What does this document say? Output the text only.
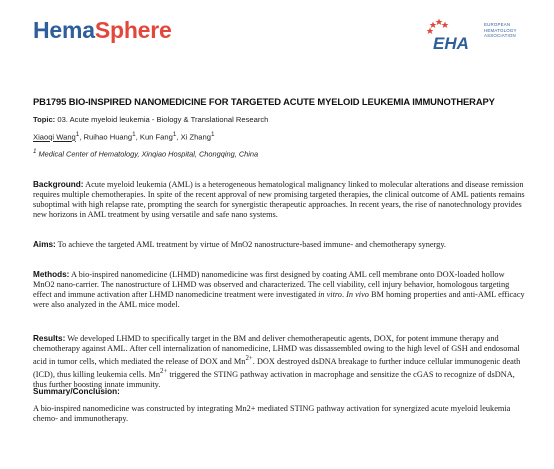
HemaSphere
EHA
EUROPEAN HEMATOLOGY ASSOCIATION
PB1795 BIO-INSPIRED NANOMEDICINE FOR TARGETED ACUTE MYELOID LEUKEMIA IMMUNOTHERAPY
Topic: 03. Acute myeloid leukemia - Biology & Translational Research
Xiaoqi Wang$^1$, Ruihao Huang$^1$, Kun Fang$^1$, Xi Zhang$^1$
$^1$ Medical Center of Hematology, Xinqiao Hospital, Chongqing, China
Background: Acute myeloid leukemia (AML) is a heterogeneous hematological malignancy linked to molecular alterations and disease remission requires multiple chemotherapies. In spite of the recent approval of new promising targeted therapies, the clinical outcome of AML patients remains suboptimal with high relapse rate, prompting the search for synergistic therapeutic approaches. In recent years, the rise of nanotechnology provides new horizons in AML treatment by using versatile and safe nano systems.
Aims: To achieve the targeted AML treatment by virtue of MnO2 nanostructure-based immune- and chemotherapy synergy.
Methods: A bio-inspired nanomedicine (LHMD) nanomedicine was first designed by coating AML cell membrane onto DOX-loaded hollow MnO2 nano-carrier. The nanostructure of LHMD was observed and characterized. The cell viability, cell injury behavior, homologous targeting effect and immune activation after LHMD nanomedicine treatment were investigated in vitro. In vivo BM homing properties and anti-AML efficacy were also analyzed in the AML mice model.
Results: We developed LHMD to specifically target in the BM and deliver chemotherapeutic agents, DOX, for potent immune therapy and chemotherapy against AML. After cell internalization of nanomedicine, LHMD was dissassembled owing to the high level of GSH and endosomal acid in tumor cells, which mediated the release of DOX and $Mn^{2+}$. DOX destroyed dsDNA breakage to further induce cellular immunogenic death (ICD), thus killing leukemia cells. $Mn^{2+}$ triggered the STING pathway activation in macrophage and sensitize the cGAS to recognize of dsDNA, thus further boosting innate immunity.
Summary/Conclusion:
A bio-inspired nanomedicine was constructed by integrating Mn2+ mediated STING pathway activation for synergized acute myeloid leukemia chemo- and immunotherapy.
